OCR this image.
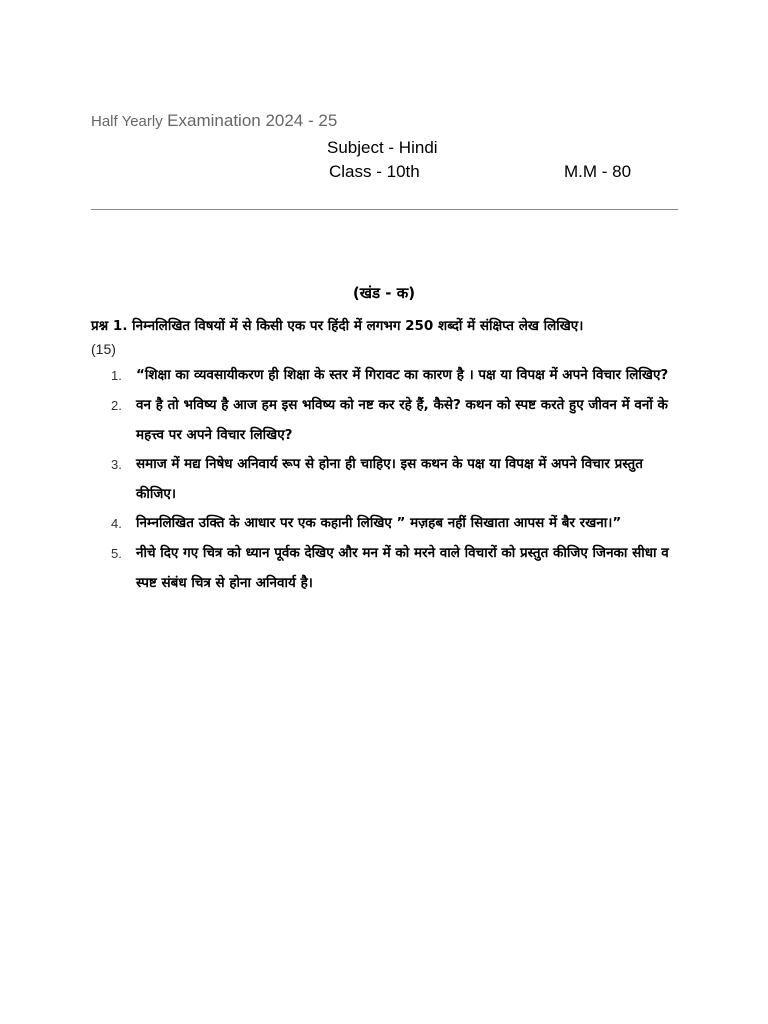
Half Yearly Examination 2024 - 25
Subject - Hindi
Class - 10th	M.M - 80
(खंड - क)
प्रश्न 1. निम्नलिखित विषयों में से किसी एक पर हिंदी में लगभग 250 शब्दों में संक्षिप्त लेख लिखिए।
(15)
1.	“शिक्षा का व्यवसायीकरण ही शिक्षा के स्तर में गिरावट का कारण है । पक्ष या विपक्ष में अपने विचार लिखिए?
2.	वन है तो भविष्य है आज हम इस भविष्य को नष्ट कर रहे हैं, कैसे? कथन को स्पष्ट करते हुए जीवन में वनों के महत्त्व पर अपने विचार लिखिए?
3.	समाज में मद्य निषेध अनिवार्य रूप से होना ही चाहिए। इस कथन के पक्ष या विपक्ष में अपने विचार प्रस्तुत कीजिए।
4.	निम्नलिखित उक्ति के आधार पर एक कहानी लिखिए ” मज़हब नहीं सिखाता आपस में बैर रखना।”
5.	नीचे दिए गए चित्र को ध्यान पूर्वक देखिए और मन में को मरने वाले विचारों को प्रस्तुत कीजिए जिनका सीधा व स्पष्ट संबंध चित्र से होना अनिवार्य है।
